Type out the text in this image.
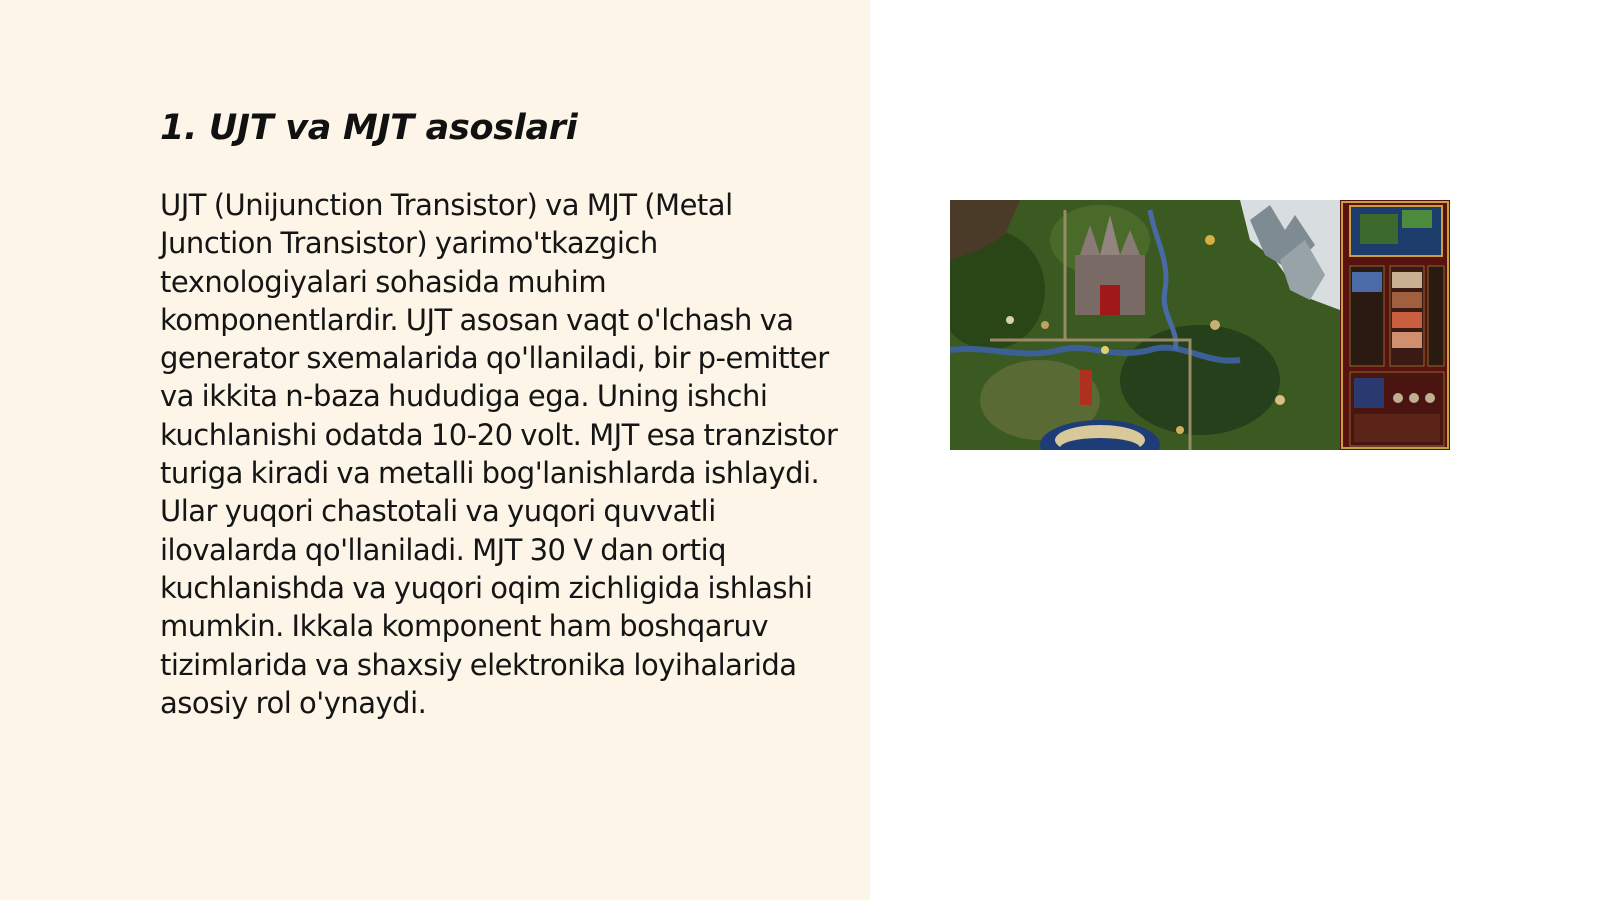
1. UJT va MJT asoslari

UJT (Unijunction Transistor) va MJT (Metal Junction Transistor) yarimo'tkazgich texnologiyalari sohasida muhim komponentlardir. UJT asosan vaqt o'lchash va generator sxemalarida qo'llaniladi, bir p-emitter va ikkita n-baza hududiga ega. Uning ishchi kuchlanishi odatda 10-20 volt. MJT esa tranzistor turiga kiradi va metalli bog'lanishlarda ishlaydi. Ular yuqori chastotali va yuqori quvvatli ilovalarda qo'llaniladi. MJT 30 V dan ortiq kuchlanishda va yuqori oqim zichligida ishlashi mumkin. Ikkala komponent ham boshqaruv tizimlarida va shaxsiy elektronika loyihalarida asosiy rol o'ynaydi.
